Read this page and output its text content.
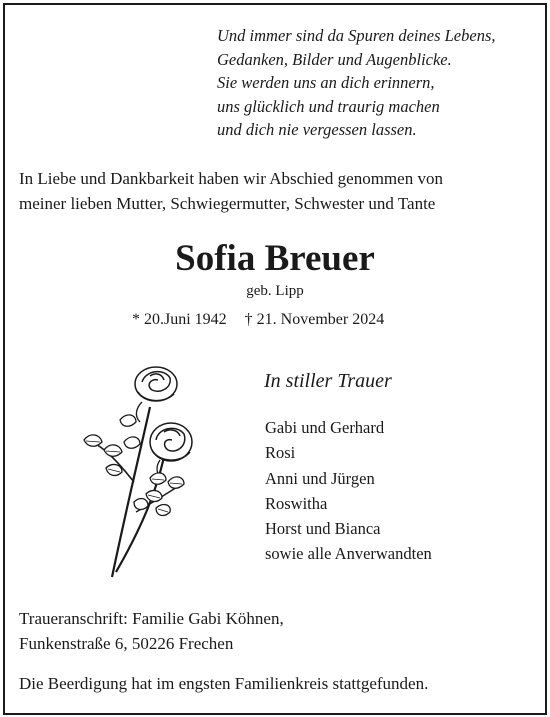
Und immer sind da Spuren deines Lebens,
Gedanken, Bilder und Augenblicke.
Sie werden uns an dich erinnern,
uns glücklich und traurig machen
und dich nie vergessen lassen.
In Liebe und Dankbarkeit haben wir Abschied genommen von
meiner lieben Mutter, Schwiegermutter, Schwester und Tante
Sofia Breuer
geb. Lipp
* 20.Juni 1942 † 21. November 2024
In stiller Trauer
Gabi und Gerhard
Rosi
Anni und Jürgen
Roswitha
Horst und Bianca
sowie alle Anverwandten
Traueranschrift: Familie Gabi Köhnen,
Funkenstraße 6, 50226 Frechen
Die Beerdigung hat im engsten Familienkreis stattgefunden.
